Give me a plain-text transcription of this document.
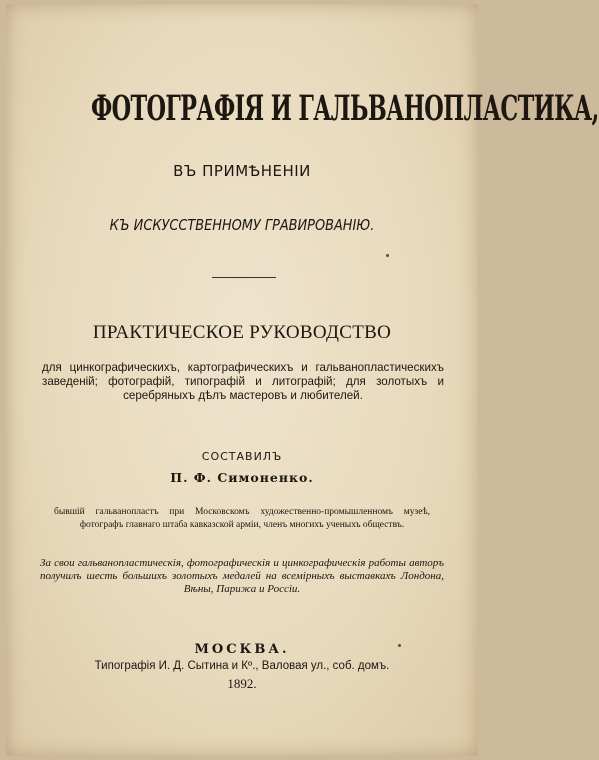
ФОТОГРАФІЯ И ГАЛЬВАНОПЛАСТИКА,
ВЪ ПРИМѢНЕНІИ
КЪ ИСКУССТВЕННОМУ ГРАВИРОВАНІЮ.
ПРАКТИЧЕСКОЕ РУКОВОДСТВО
для цинкографическихъ, картографическихъ и гальванопластическихъ заведеній; фотографій, типографій и литографій; для золотыхъ и серебряныхъ дѣлъ мастеровъ и любителей.
СОСТАВИЛЪ
П. Ф. Симоненко.
бывшій гальванопластъ при Московскомъ художественно-промышленномъ музеѣ, фотографъ главнаго штаба кавказской арміи, членъ многихъ ученыхъ обществъ.
За свои гальванопластическія, фотографическія и цинкографическія работы авторъ получилъ шесть большихъ золотыхъ медалей на всемірныхъ выставкахъ Лондона, Вѣны, Парижа и Россіи.
МОСКВА.
Типографія И. Д. Сытина и Кº., Валовая ул., соб. домъ.
1892.
